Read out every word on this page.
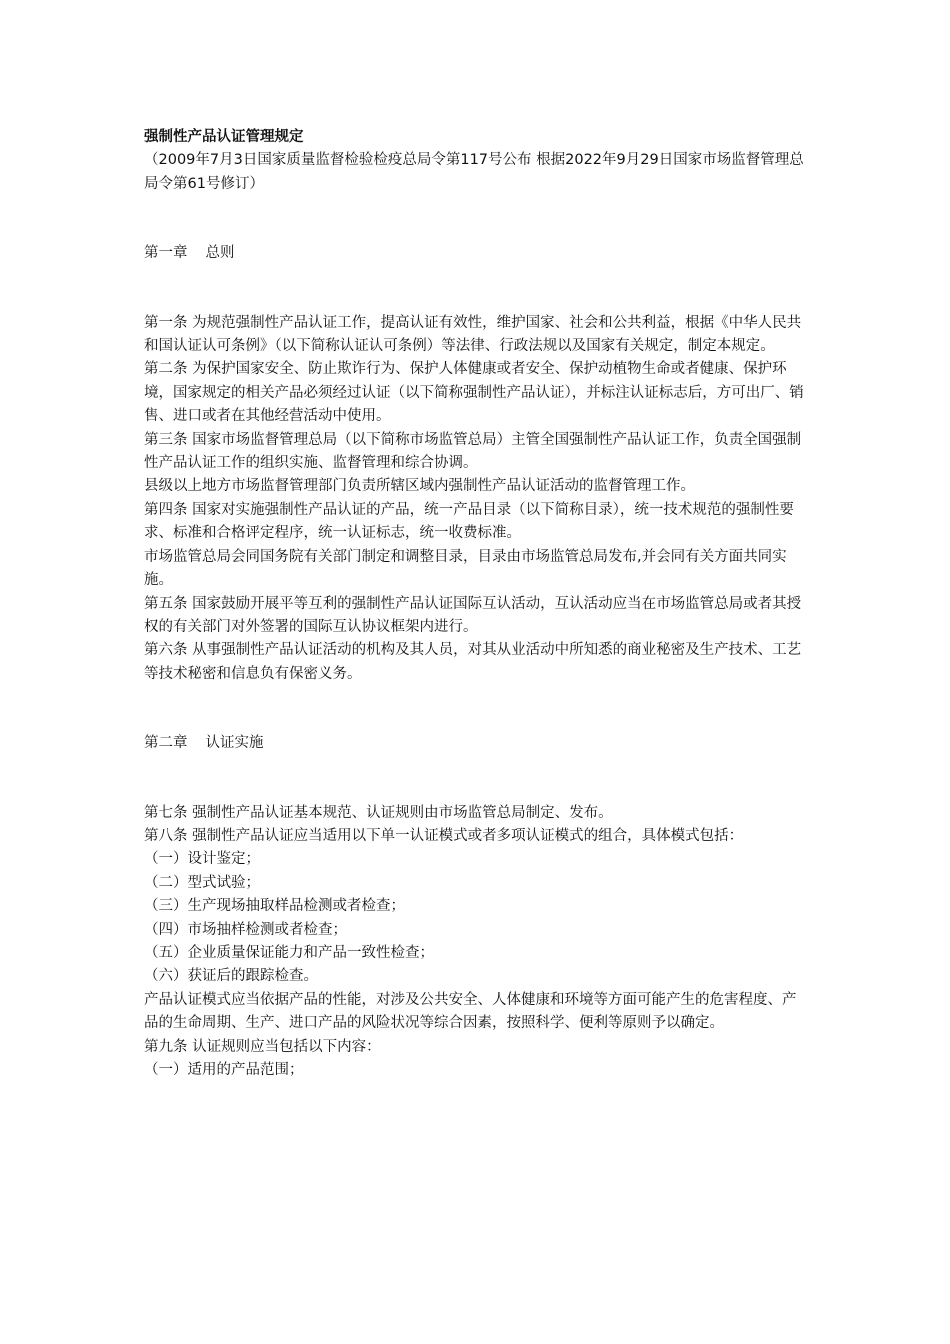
强制性产品认证管理规定

（2009年7月3日国家质量监督检验检疫总局令第117号公布 根据2022年9月29日国家市场监督管理总局令第61号修订）

第一章 总则

第一条 为规范强制性产品认证工作，提高认证有效性，维护国家、社会和公共利益，根据《中华人民共和国认证认可条例》（以下简称认证认可条例）等法律、行政法规以及国家有关规定，制定本规定。

第二条 为保护国家安全、防止欺诈行为、保护人体健康或者安全、保护动植物生命或者健康、保护环境，国家规定的相关产品必须经过认证（以下简称强制性产品认证），并标注认证标志后，方可出厂、销售、进口或者在其他经营活动中使用。

第三条 国家市场监督管理总局（以下简称市场监管总局）主管全国强制性产品认证工作，负责全国强制性产品认证工作的组织实施、监督管理和综合协调。

县级以上地方市场监督管理部门负责所辖区域内强制性产品认证活动的监督管理工作。

第四条 国家对实施强制性产品认证的产品，统一产品目录（以下简称目录），统一技术规范的强制性要求、标准和合格评定程序，统一认证标志，统一收费标准。

市场监管总局会同国务院有关部门制定和调整目录，目录由市场监管总局发布,并会同有关方面共同实施。

第五条 国家鼓励开展平等互利的强制性产品认证国际互认活动，互认活动应当在市场监管总局或者其授权的有关部门对外签署的国际互认协议框架内进行。

第六条 从事强制性产品认证活动的机构及其人员，对其从业活动中所知悉的商业秘密及生产技术、工艺等技术秘密和信息负有保密义务。

第二章 认证实施

第七条 强制性产品认证基本规范、认证规则由市场监管总局制定、发布。

第八条 强制性产品认证应当适用以下单一认证模式或者多项认证模式的组合，具体模式包括：

（一）设计鉴定；

（二）型式试验；

（三）生产现场抽取样品检测或者检查；

（四）市场抽样检测或者检查；

（五）企业质量保证能力和产品一致性检查；

（六）获证后的跟踪检查。

产品认证模式应当依据产品的性能，对涉及公共安全、人体健康和环境等方面可能产生的危害程度、产品的生命周期、生产、进口产品的风险状况等综合因素，按照科学、便利等原则予以确定。

第九条 认证规则应当包括以下内容：

（一）适用的产品范围；
